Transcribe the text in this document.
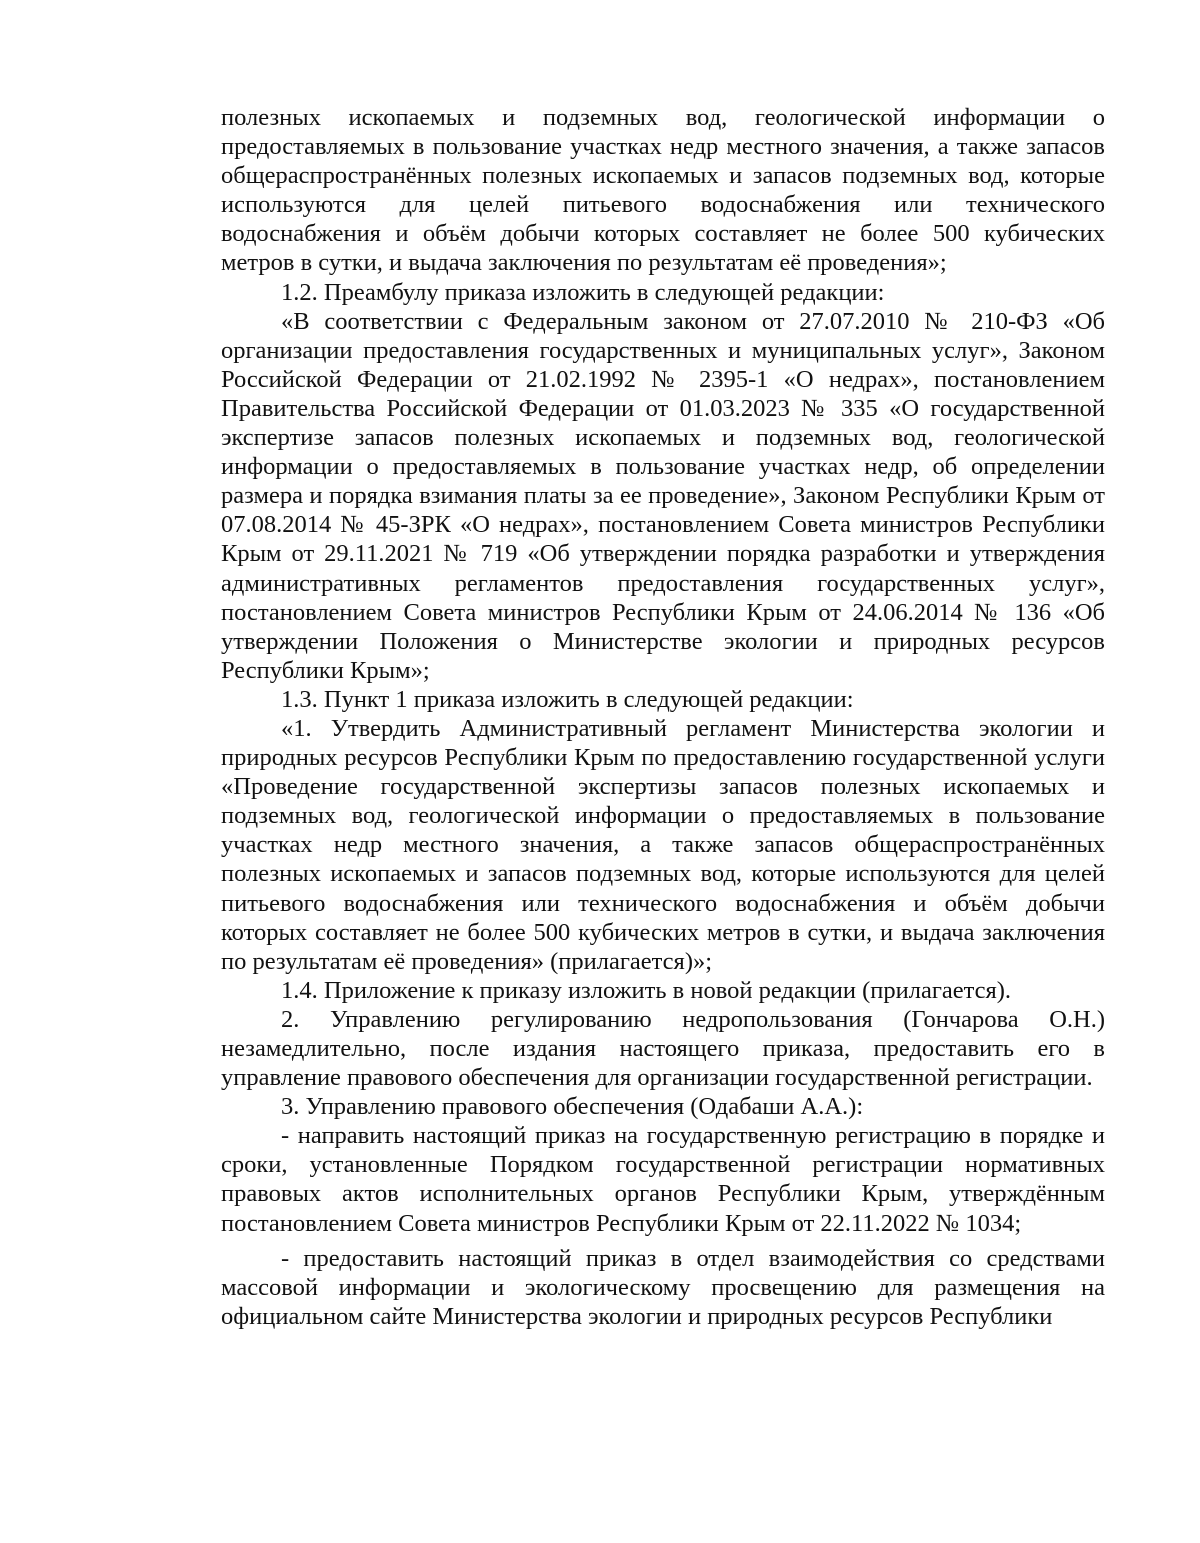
полезных ископаемых и подземных вод, геологической информации о предоставляемых в пользование участках недр местного значения, а также запасов общераспространённых полезных ископаемых и запасов подземных вод, которые используются для целей питьевого водоснабжения или технического водоснабжения и объём добычи которых составляет не более 500 кубических метров в сутки, и выдача заключения по результатам её проведения»;

1.2. Преамбулу приказа изложить в следующей редакции:

«В соответствии с Федеральным законом от 27.07.2010 № 210-ФЗ «Об организации предоставления государственных и муниципальных услуг», Законом Российской Федерации от 21.02.1992 № 2395-1 «О недрах», постановлением Правительства Российской Федерации от 01.03.2023 № 335 «О государственной экспертизе запасов полезных ископаемых и подземных вод, геологической информации о предоставляемых в пользование участках недр, об определении размера и порядка взимания платы за ее проведение», Законом Республики Крым от 07.08.2014 № 45-ЗРК «О недрах», постановлением Совета министров Республики Крым от 29.11.2021 № 719 «Об утверждении порядка разработки и утверждения административных регламентов предоставления государственных услуг», постановлением Совета министров Республики Крым от 24.06.2014 № 136 «Об утверждении Положения о Министерстве экологии и природных ресурсов Республики Крым»;

1.3. Пункт 1 приказа изложить в следующей редакции:

«1. Утвердить Административный регламент Министерства экологии и природных ресурсов Республики Крым по предоставлению государственной услуги «Проведение государственной экспертизы запасов полезных ископаемых и подземных вод, геологической информации о предоставляемых в пользование участках недр местного значения, а также запасов общераспространённых полезных ископаемых и запасов подземных вод, которые используются для целей питьевого водоснабжения или технического водоснабжения и объём добычи которых составляет не более 500 кубических метров в сутки, и выдача заключения по результатам её проведения» (прилагается)»;

1.4. Приложение к приказу изложить в новой редакции (прилагается).

2. Управлению регулированию недропользования (Гончарова О.Н.) незамедлительно, после издания настоящего приказа, предоставить его в управление правового обеспечения для организации государственной регистрации.

3. Управлению правового обеспечения (Одабаши А.А.):

- направить настоящий приказ на государственную регистрацию в порядке и сроки, установленные Порядком государственной регистрации нормативных правовых актов исполнительных органов Республики Крым, утверждённым постановлением Совета министров Республики Крым от 22.11.2022 № 1034;

- предоставить настоящий приказ в отдел взаимодействия со средствами массовой информации и экологическому просвещению для размещения на официальном сайте Министерства экологии и природных ресурсов Республики
